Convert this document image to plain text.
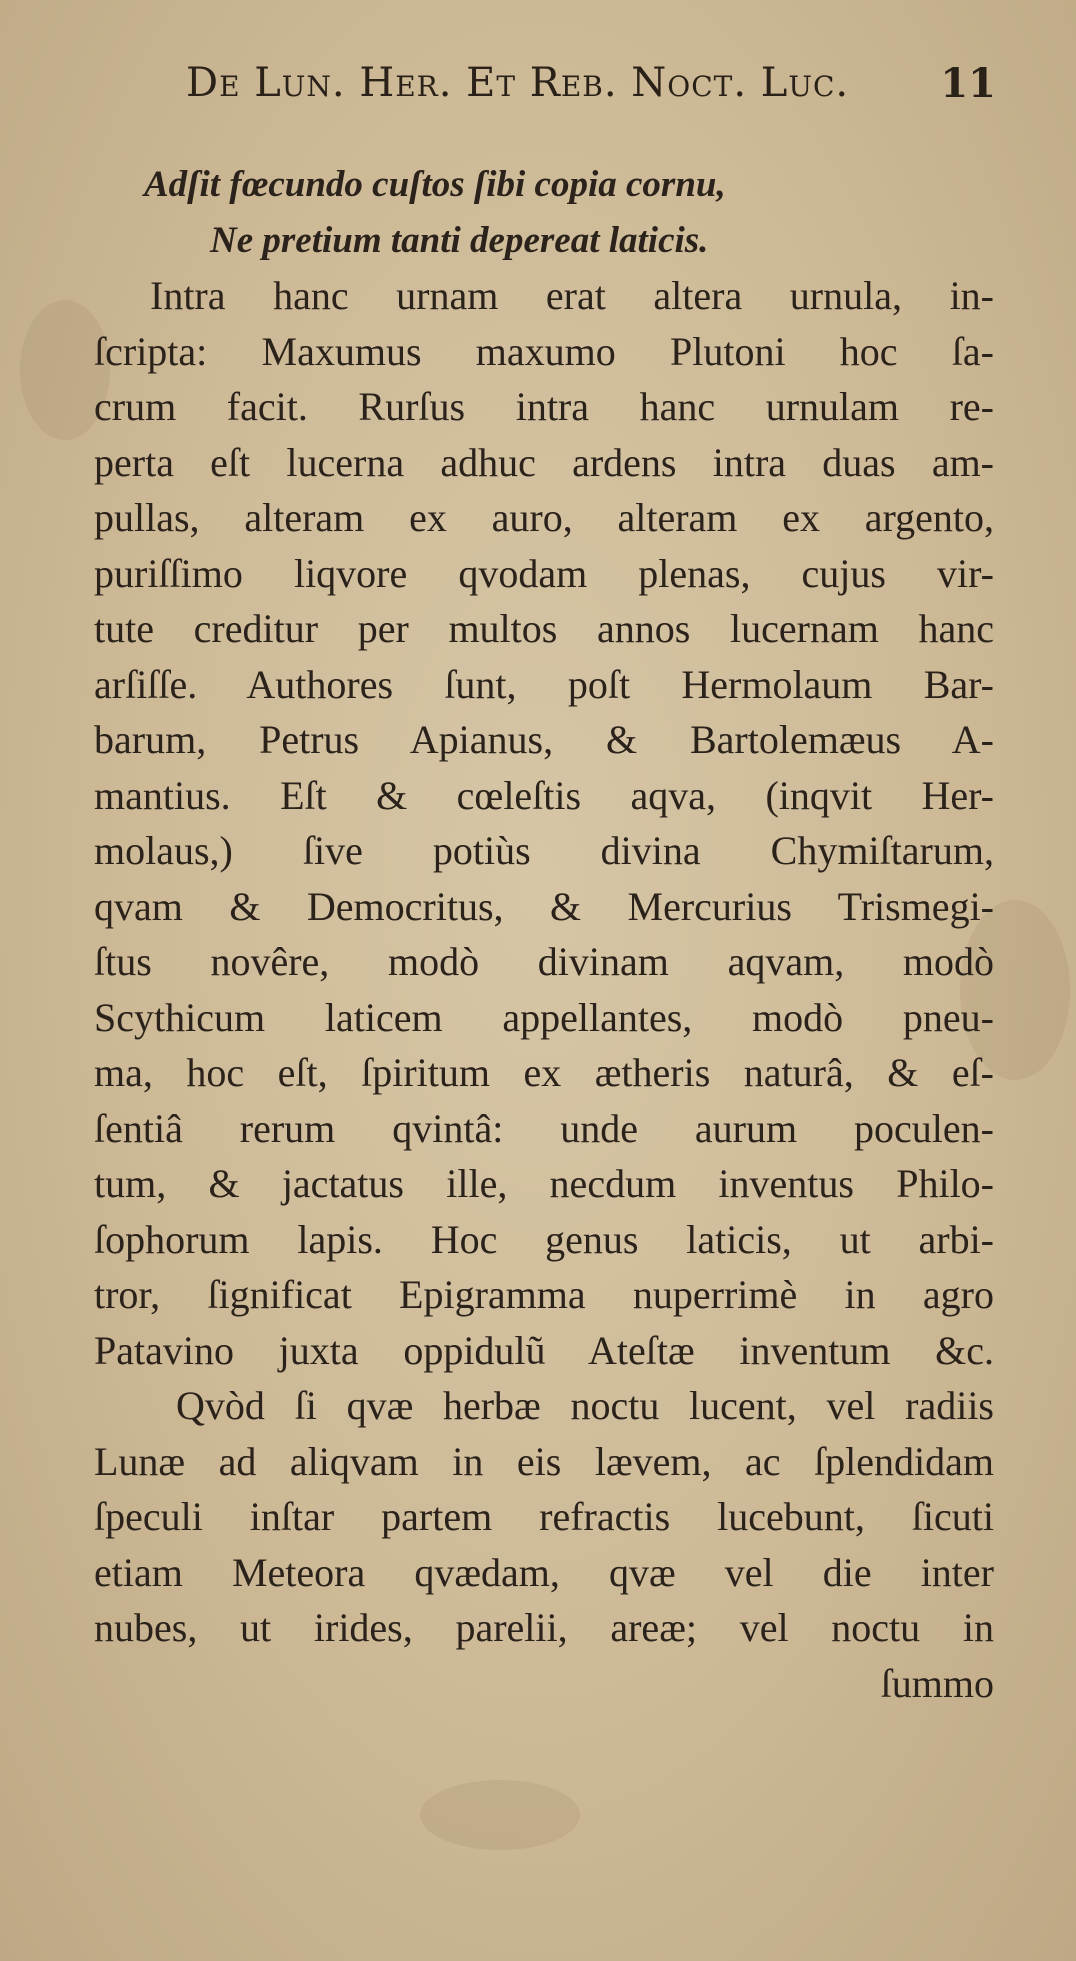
De Lun. Her. Et Reb. Noct. Luc. 11
Adſit fœcundo cuſtos ſibi copia cornu,
Ne pretium tanti depereat laticis.
Intra hanc urnam erat altera urnula, in-
ſcripta: Maxumus maxumo Plutoni hoc ſa-
crum facit. Rurſus intra hanc urnulam re-
perta eſt lucerna adhuc ardens intra duas am-
pullas, alteram ex auro, alteram ex argento,
puriſſimo liqvore qvodam plenas, cujus vir-
tute creditur per multos annos lucernam hanc
arſiſſe. Authores ſunt, poſt Hermolaum Bar-
barum, Petrus Apianus, & Bartolemæus A-
mantius. Eſt & cœleſtis aqva, (inqvit Her-
molaus,) ſive potiùs divina Chymiſtarum,
qvam & Democritus, & Mercurius Trismegi-
ſtus novêre, modò divinam aqvam, modò
Scythicum laticem appellantes, modò pneu-
ma, hoc eſt, ſpiritum ex ætheris naturâ, & eſ-
ſentiâ rerum qvintâ: unde aurum poculen-
tum, & jactatus ille, necdum inventus Philo-
ſophorum lapis. Hoc genus laticis, ut arbi-
tror, ſignificat Epigramma nuperrimè in agro
Patavino juxta oppidulũ Ateſtæ inventum &c.
Qvòd ſi qvæ herbæ noctu lucent, vel radiis
Lunæ ad aliqvam in eis lævem, ac ſplendidam
ſpeculi inſtar partem refractis lucebunt, ſicuti
etiam Meteora qvædam, qvæ vel die inter
nubes, ut irides, parelii, areæ; vel noctu in
ſummo
